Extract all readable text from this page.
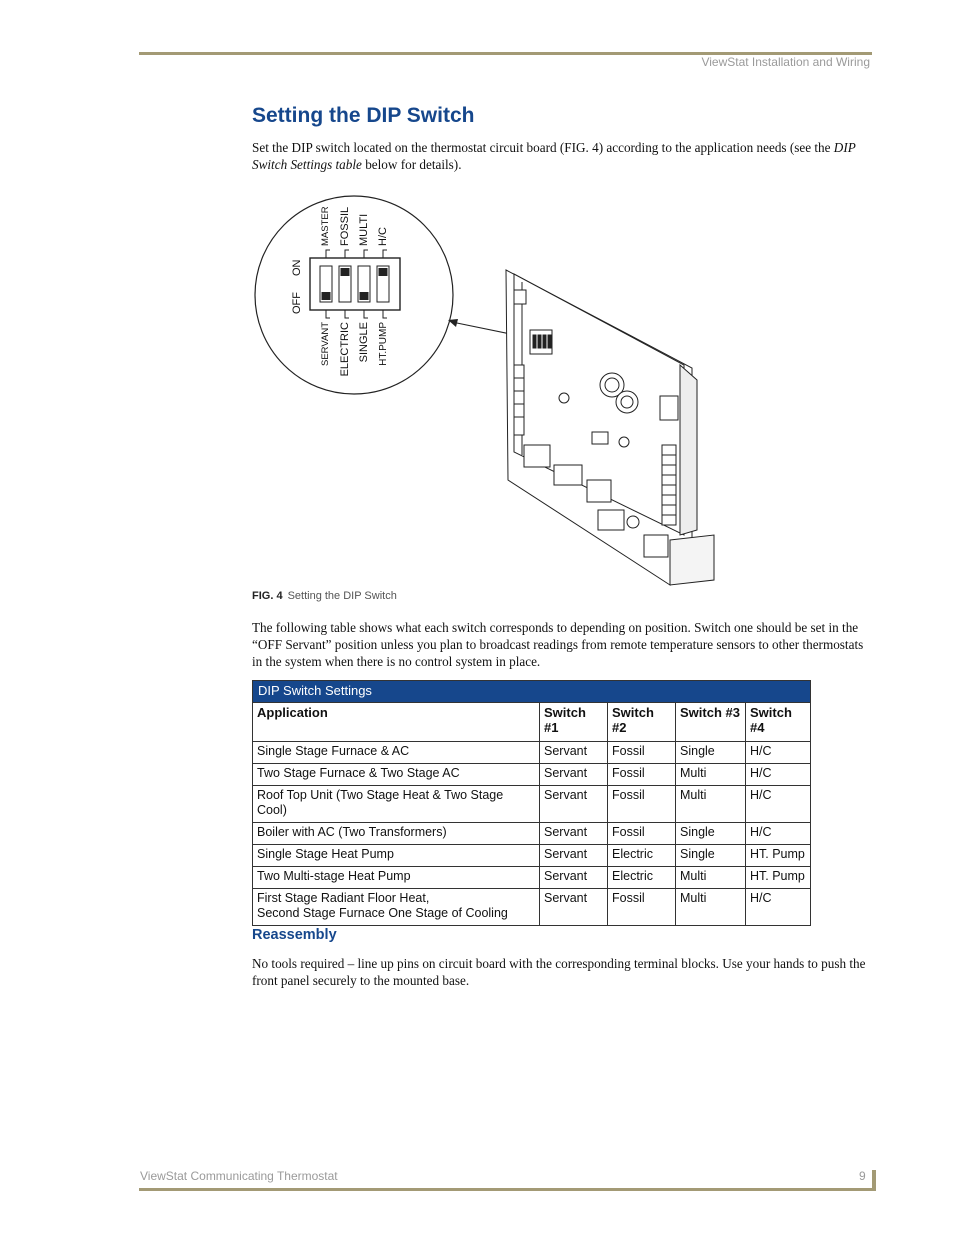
ViewStat Installation and Wiring
Setting the DIP Switch

Set the DIP switch located on the thermostat circuit board (FIG. 4) according to the application needs (see the DIP Switch Settings table below for details).

MASTER FOSSIL MULTI H/C
SERVANT ELECTRIC SINGLE HT.PUMP
ON
OFF
FIG. 4 Setting the DIP Switch

The following table shows what each switch corresponds to depending on position. Switch one should be set in the “OFF Servant” position unless you plan to broadcast readings from remote temperature sensors to other thermostats in the system when there is no control system in place.

DIP Switch Settings
Application	Switch #1	Switch #2	Switch #3	Switch #4
Single Stage Furnace & AC	Servant	Fossil	Single	H/C
Two Stage Furnace & Two Stage AC	Servant	Fossil	Multi	H/C
Roof Top Unit (Two Stage Heat & Two Stage Cool)	Servant	Fossil	Multi	H/C
Boiler with AC (Two Transformers)	Servant	Fossil	Single	H/C
Single Stage Heat Pump	Servant	Electric	Single	HT. Pump
Two Multi-stage Heat Pump	Servant	Electric	Multi	HT. Pump
First Stage Radiant Floor Heat,
Second Stage Furnace One Stage of Cooling	Servant	Fossil	Multi	H/C
Reassembly

No tools required – line up pins on circuit board with the corresponding terminal blocks. Use your hands to push the front panel securely to the mounted base.

ViewStat Communicating Thermostat	9
